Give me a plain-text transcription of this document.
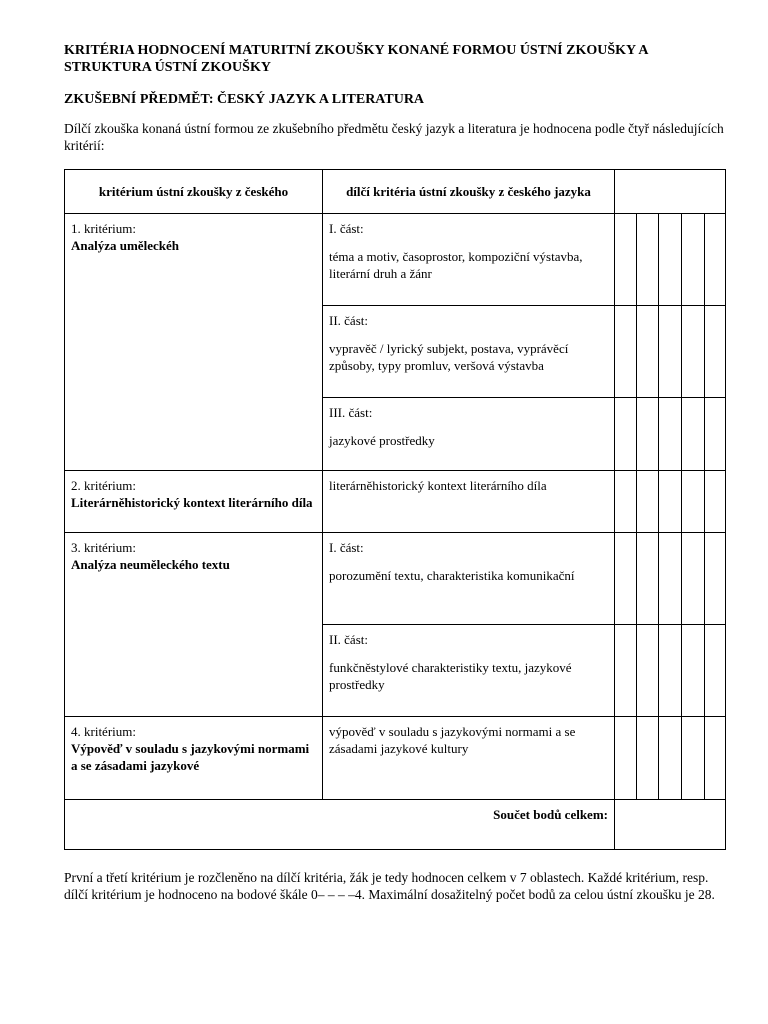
KRITÉRIA HODNOCENÍ MATURITNÍ ZKOUŠKY KONANÉ FORMOU ÚSTNÍ ZKOUŠKY A STRUKTURA ÚSTNÍ ZKOUŠKY
ZKUŠEBNÍ PŘEDMĚT: ČESKÝ JAZYK A LITERATURA
Dílčí zkouška konaná ústní formou ze zkušebního předmětu český jazyk a literatura je hodnocena podle čtyř následujících kritérií:
kritérium ústní zkoušky z českého	dílčí kritéria ústní zkoušky z českého jazyka	

1. kritérium:
Analýza uměleckéh	I. část:
téma a motiv, časoprostor, kompoziční výstavba, literární druh a žánr	

	II. část:
vypravěč / lyrický subjekt, postava, vyprávěcí způsoby, typy promluv, veršová výstavba	

	III. část:
jazykové prostředky	

2. kritérium:
Literárněhistorický kontext literárního díla	literárněhistorický kontext literárního díla	

3. kritérium:
Analýza neuměleckého textu	I. část:
porozumění textu, charakteristika komunikační	

	II. část:
funkčněstylové charakteristiky textu, jazykové prostředky	

4. kritérium:
Výpověď v souladu s jazykovými normami a se zásadami jazykové	výpověď v souladu s jazykovými normami a se zásadami jazykové kultury	

Součet bodů celkem:		
První a třetí kritérium je rozčleněno na dílčí kritéria, žák je tedy hodnocen celkem v 7 oblastech. Každé kritérium, resp. dílčí kritérium je hodnoceno na bodové škále 0– – – –4. Maximální dosažitelný počet bodů za celou ústní zkoušku je 28.
